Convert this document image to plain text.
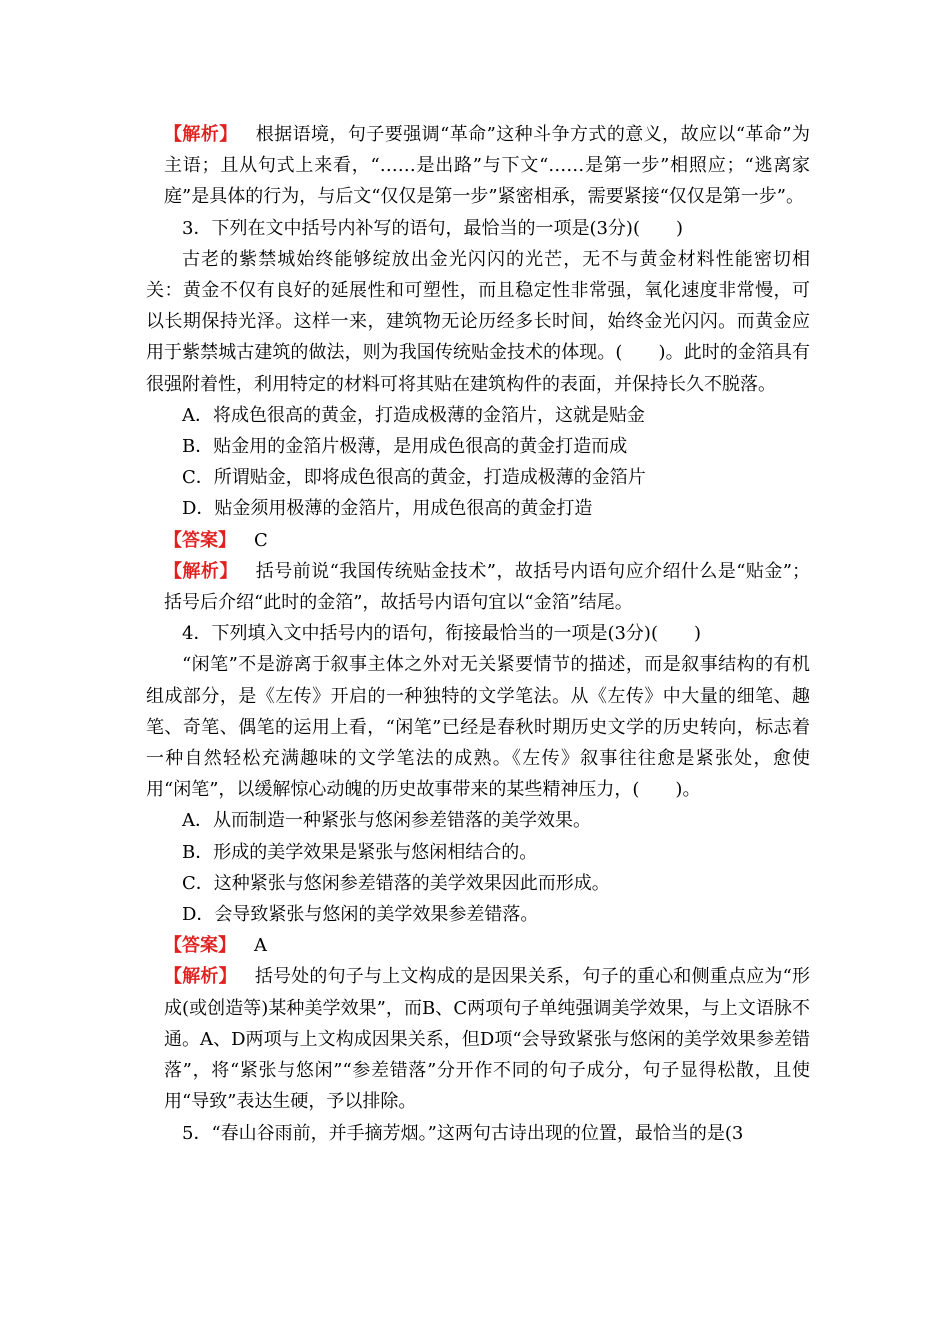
【解析】 根据语境，句子要强调“革命”这种斗争方式的意义，故应以“革命”为主语；且从句式上来看，“……是出路”与下文“……是第一步”相照应；“逃离家庭”是具体的行为，与后文“仅仅是第一步”紧密相承，需要紧接“仅仅是第一步”。

3．下列在文中括号内补写的语句，最恰当的一项是(3分)(　　)

古老的紫禁城始终能够绽放出金光闪闪的光芒，无不与黄金材料性能密切相关：黄金不仅有良好的延展性和可塑性，而且稳定性非常强，氧化速度非常慢，可以长期保持光泽。这样一来，建筑物无论历经多长时间，始终金光闪闪。而黄金应用于紫禁城古建筑的做法，则为我国传统贴金技术的体现。(　　)。此时的金箔具有很强附着性，利用特定的材料可将其贴在建筑构件的表面，并保持长久不脱落。

A．将成色很高的黄金，打造成极薄的金箔片，这就是贴金

B．贴金用的金箔片极薄，是用成色很高的黄金打造而成

C．所谓贴金，即将成色很高的黄金，打造成极薄的金箔片

D．贴金须用极薄的金箔片，用成色很高的黄金打造

【答案】 C

【解析】 括号前说“我国传统贴金技术”，故括号内语句应介绍什么是“贴金”；括号后介绍“此时的金箔”，故括号内语句宜以“金箔”结尾。

4．下列填入文中括号内的语句，衔接最恰当的一项是(3分)(　　)

“闲笔”不是游离于叙事主体之外对无关紧要情节的描述，而是叙事结构的有机组成部分，是《左传》开启的一种独特的文学笔法。从《左传》中大量的细笔、趣笔、奇笔、偶笔的运用上看，“闲笔”已经是春秋时期历史文学的历史转向，标志着一种自然轻松充满趣味的文学笔法的成熟。《左传》叙事往往愈是紧张处，愈使用“闲笔”，以缓解惊心动魄的历史故事带来的某些精神压力，(　　)。

A．从而制造一种紧张与悠闲参差错落的美学效果。

B．形成的美学效果是紧张与悠闲相结合的。

C．这种紧张与悠闲参差错落的美学效果因此而形成。

D．会导致紧张与悠闲的美学效果参差错落。

【答案】 A

【解析】 括号处的句子与上文构成的是因果关系，句子的重心和侧重点应为“形成(或创造等)某种美学效果”，而B、C两项句子单纯强调美学效果，与上文语脉不通。A、D两项与上文构成因果关系，但D项“会导致紧张与悠闲的美学效果参差错落”，将“紧张与悠闲”“参差错落”分开作不同的句子成分，句子显得松散，且使用“导致”表达生硬，予以排除。

5．“春山谷雨前，并手摘芳烟。”这两句古诗出现的位置，最恰当的是(3
